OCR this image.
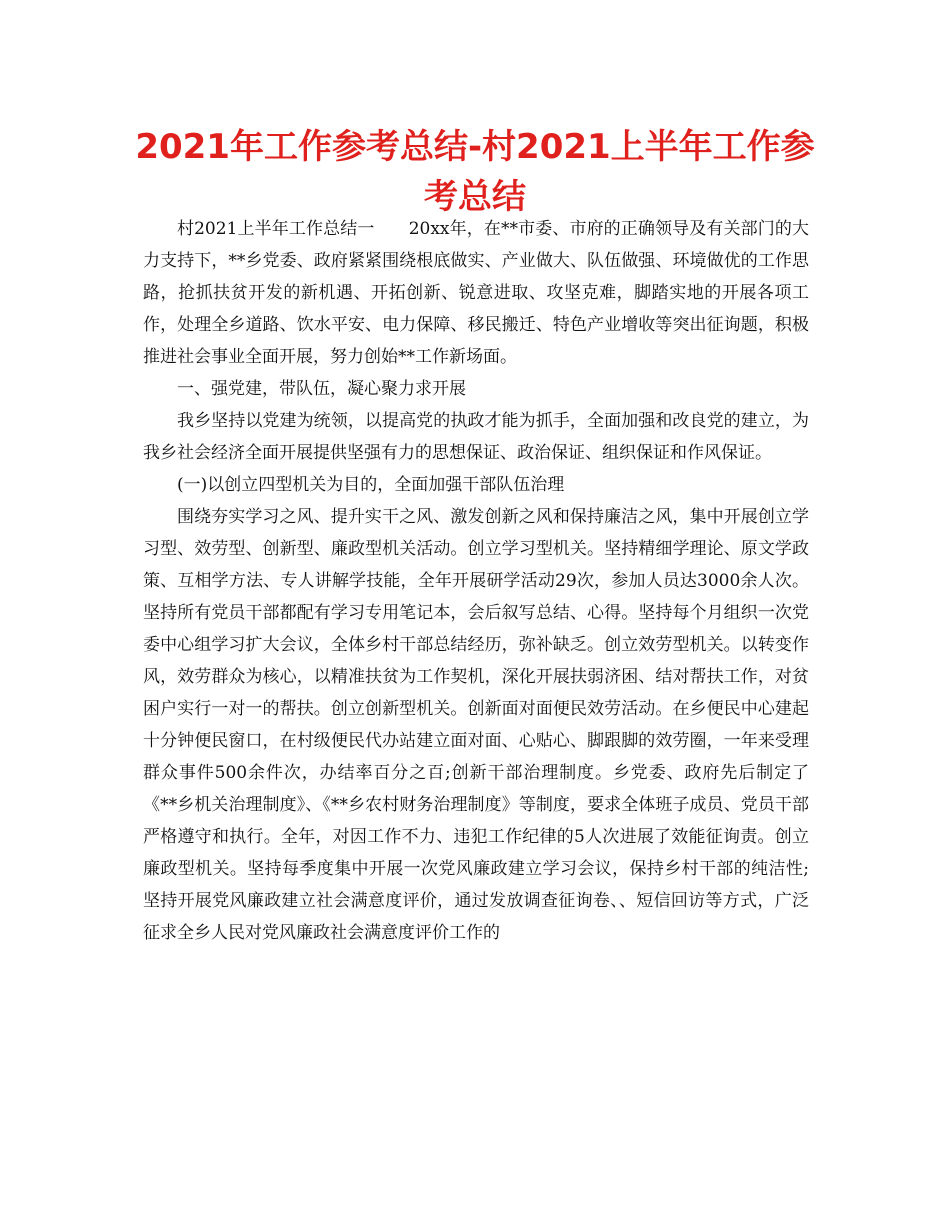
2021年工作参考总结-村2021上半年工作参考总结

村2021上半年工作总结一　　20xx年，在**市委、市府的正确领导及有关部门的大力支持下，**乡党委、政府紧紧围绕根底做实、产业做大、队伍做强、环境做优的工作思路，抢抓扶贫开发的新机遇、开拓创新、锐意进取、攻坚克难，脚踏实地的开展各项工作，处理全乡道路、饮水平安、电力保障、移民搬迁、特色产业增收等突出征询题，积极推进社会事业全面开展，努力创始**工作新场面。

一、强党建，带队伍，凝心聚力求开展

我乡坚持以党建为统领，以提高党的执政才能为抓手，全面加强和改良党的建立，为我乡社会经济全面开展提供坚强有力的思想保证、政治保证、组织保证和作风保证。

(一)以创立四型机关为目的，全面加强干部队伍治理

围绕夯实学习之风、提升实干之风、激发创新之风和保持廉洁之风，集中开展创立学习型、效劳型、创新型、廉政型机关活动。创立学习型机关。坚持精细学理论、原文学政策、互相学方法、专人讲解学技能，全年开展研学活动29次，参加人员达3000余人次。坚持所有党员干部都配有学习专用笔记本，会后叙写总结、心得。坚持每个月组织一次党委中心组学习扩大会议，全体乡村干部总结经历，弥补缺乏。创立效劳型机关。以转变作风，效劳群众为核心，以精准扶贫为工作契机，深化开展扶弱济困、结对帮扶工作，对贫困户实行一对一的帮扶。创立创新型机关。创新面对面便民效劳活动。在乡便民中心建起十分钟便民窗口，在村级便民代办站建立面对面、心贴心、脚跟脚的效劳圈，一年来受理群众事件500余件次，办结率百分之百;创新干部治理制度。乡党委、政府先后制定了《**乡机关治理制度》、《**乡农村财务治理制度》等制度，要求全体班子成员、党员干部严格遵守和执行。全年，对因工作不力、违犯工作纪律的5人次进展了效能征询责。创立廉政型机关。坚持每季度集中开展一次党风廉政建立学习会议，保持乡村干部的纯洁性;坚持开展党风廉政建立社会满意度评价，通过发放调查征询卷、、短信回访等方式，广泛征求全乡人民对党风廉政社会满意度评价工作的
